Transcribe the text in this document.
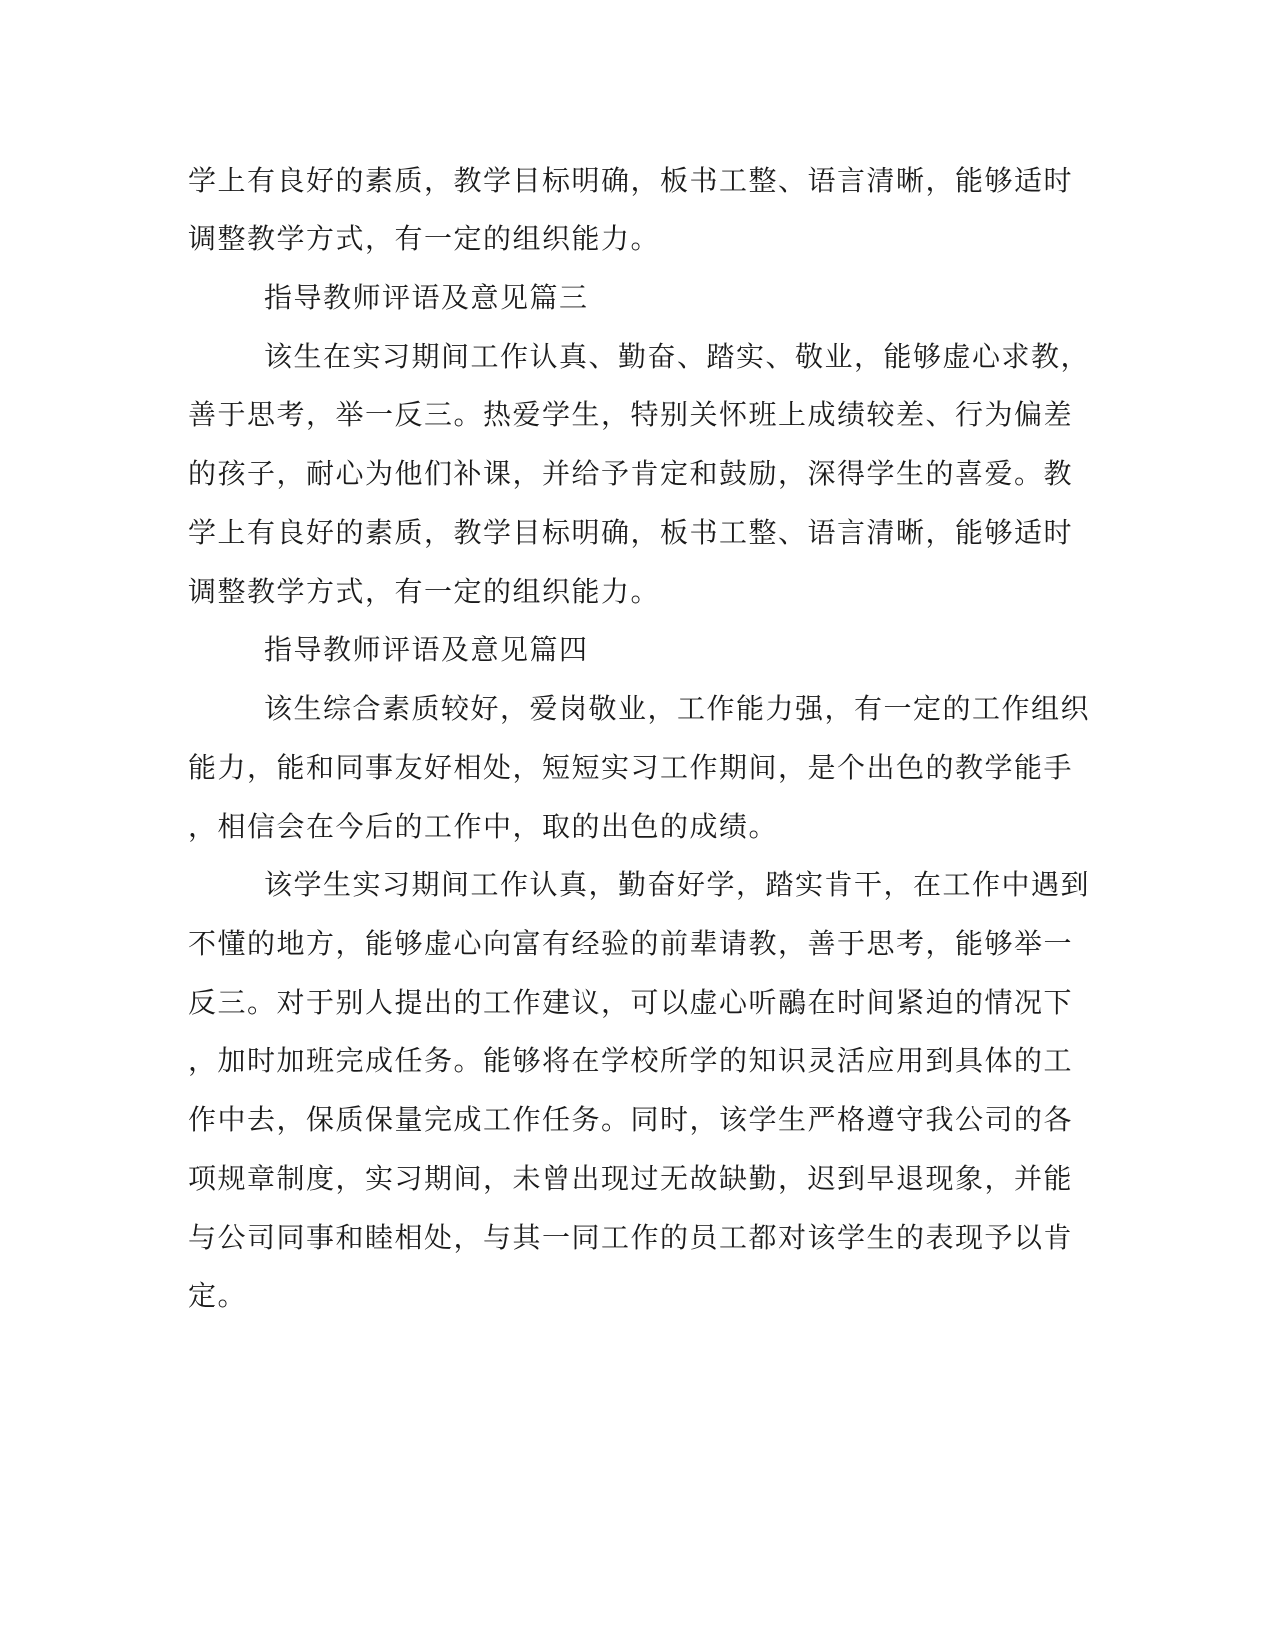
学上有良好的素质，教学目标明确，板书工整、语言清晰，能够适时
调整教学方式，有一定的组织能力。
指导教师评语及意见篇三
该生在实习期间工作认真、勤奋、踏实、敬业，能够虚心求教，
善于思考，举一反三。热爱学生，特别关怀班上成绩较差、行为偏差
的孩子，耐心为他们补课，并给予肯定和鼓励，深得学生的喜爱。教
学上有良好的素质，教学目标明确，板书工整、语言清晰，能够适时
调整教学方式，有一定的组织能力。
指导教师评语及意见篇四
该生综合素质较好，爱岗敬业，工作能力强，有一定的工作组织
能力，能和同事友好相处，短短实习工作期间，是个出色的教学能手
，相信会在今后的工作中，取的出色的成绩。
该学生实习期间工作认真，勤奋好学，踏实肯干，在工作中遇到
不懂的地方，能够虚心向富有经验的前辈请教，善于思考，能够举一
反三。对于别人提出的工作建议，可以虚心听鷊在时间紧迫的情况下
，加时加班完成任务。能够将在学校所学的知识灵活应用到具体的工
作中去，保质保量完成工作任务。同时，该学生严格遵守我公司的各
项规章制度，实习期间，未曾出现过无故缺勤，迟到早退现象，并能
与公司同事和睦相处，与其一同工作的员工都对该学生的表现予以肯
定。
